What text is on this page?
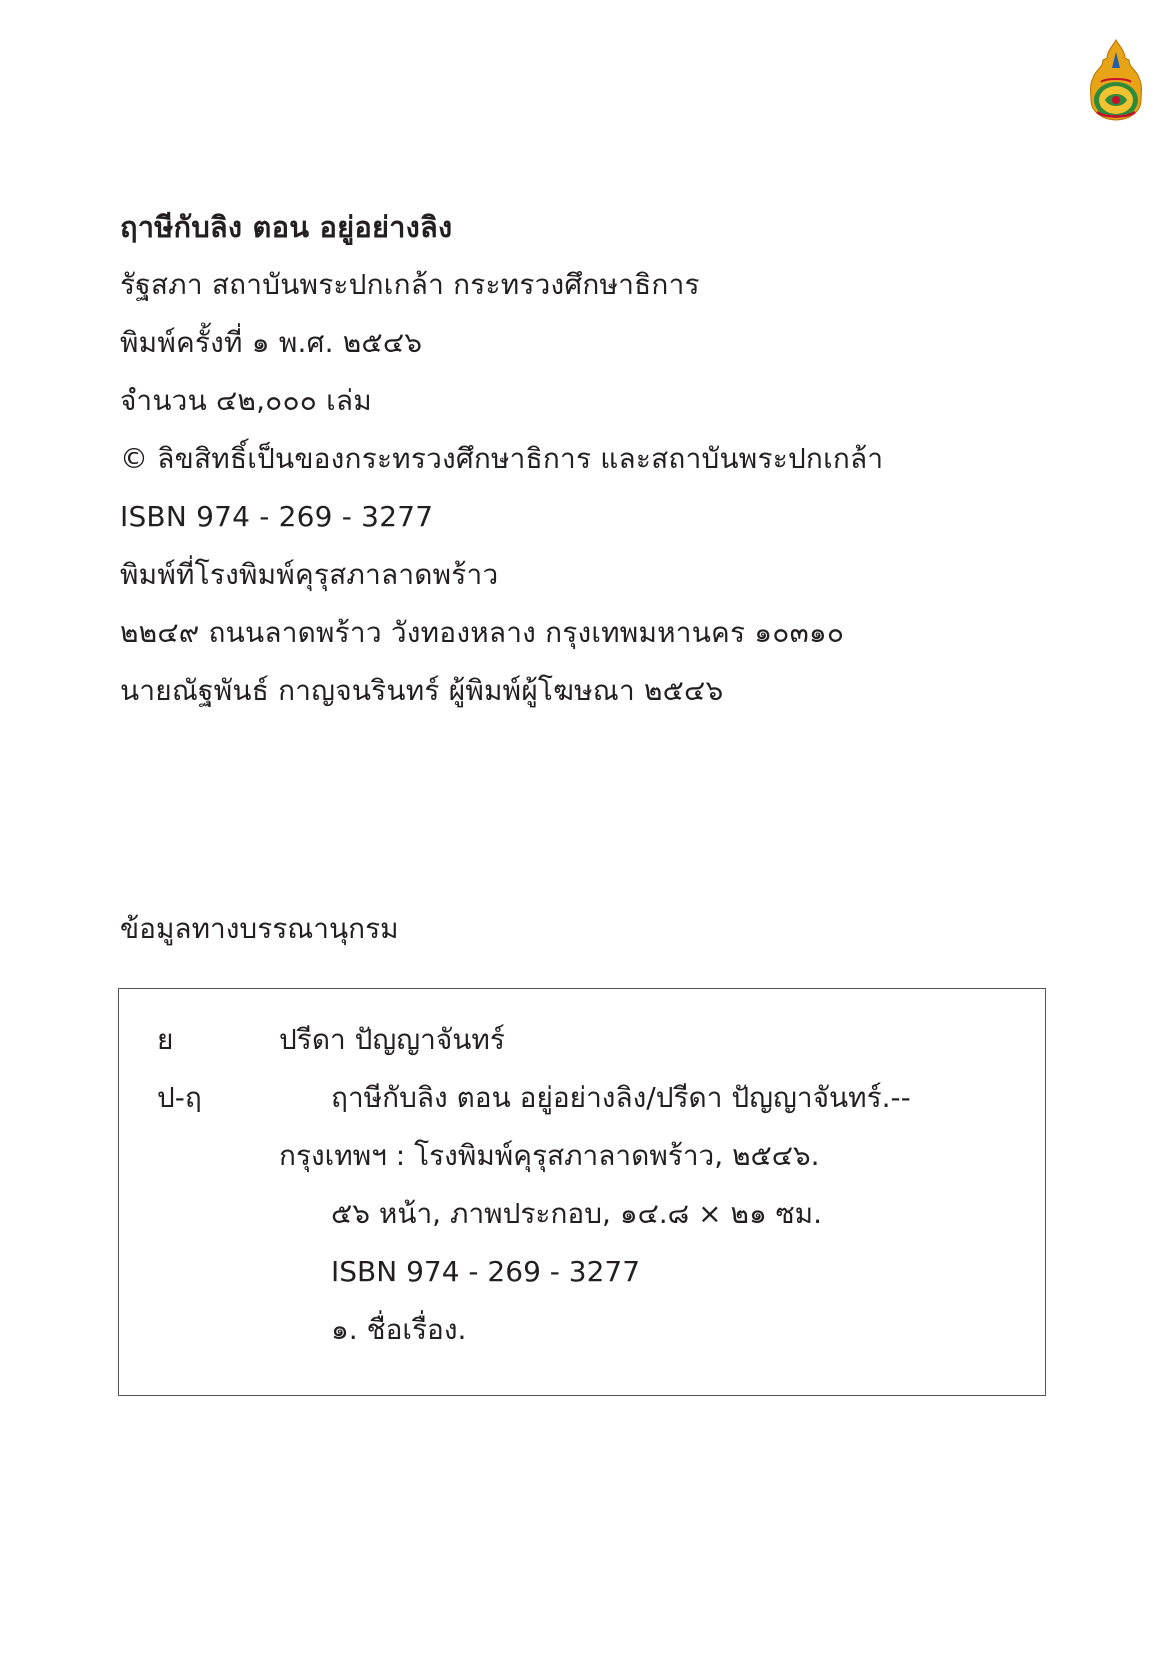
ฤาษีกับลิง ตอน อยู่อย่างลิง
รัฐสภา สถาบันพระปกเกล้า กระทรวงศึกษาธิการ
พิมพ์ครั้งที่ ๑ พ.ศ. ๒๕๔๖
จำนวน ๔๒,๐๐๐ เล่ม
© ลิขสิทธิ์เป็นของกระทรวงศึกษาธิการ และสถาบันพระปกเกล้า
ISBN 974 - 269 - 3277
พิมพ์ที่โรงพิมพ์คุรุสภาลาดพร้าว
๒๒๔๙ ถนนลาดพร้าว วังทองหลาง กรุงเทพมหานคร ๑๐๓๑๐
นายณัฐพันธ์ กาญจนรินทร์ ผู้พิมพ์ผู้โฆษณา ๒๕๔๖
ข้อมูลทางบรรณานุกรม
ย	ปรีดา ปัญญาจันทร์
ป-ฤ	ฤาษีกับลิง ตอน อยู่อย่างลิง/ปรีดา ปัญญาจันทร์.--
กรุงเทพฯ : โรงพิมพ์คุรุสภาลาดพร้าว, ๒๕๔๖.
๕๖ หน้า, ภาพประกอบ, ๑๔.๘ × ๒๑ ซม.
ISBN 974 - 269 - 3277
๑. ชื่อเรื่อง.
